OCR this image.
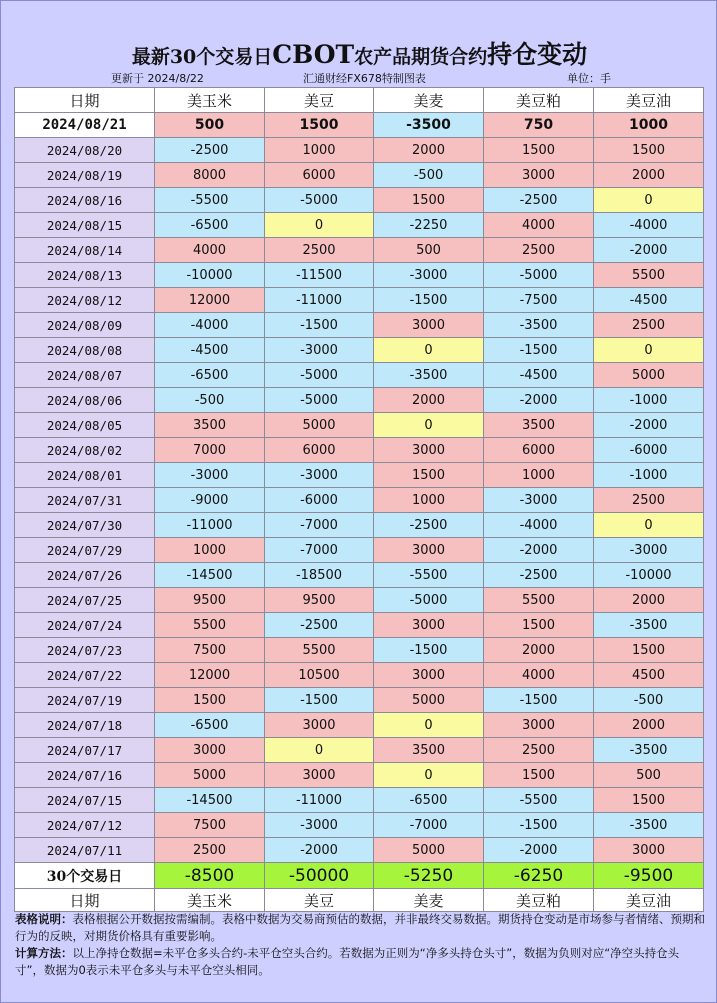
最新30个交易日CBOT农产品期货合约持仓变动
更新于 2024/8/22	汇通财经FX678特制图表	单位：手
日期	美玉米	美豆	美麦	美豆粕	美豆油
2024/08/21	500	1500	-3500	750	1000
2024/08/20	-2500	1000	2000	1500	1500
2024/08/19	8000	6000	-500	3000	2000
2024/08/16	-5500	-5000	1500	-2500	0
2024/08/15	-6500	0	-2250	4000	-4000
2024/08/14	4000	2500	500	2500	-2000
2024/08/13	-10000	-11500	-3000	-5000	5500
2024/08/12	12000	-11000	-1500	-7500	-4500
2024/08/09	-4000	-1500	3000	-3500	2500
2024/08/08	-4500	-3000	0	-1500	0
2024/08/07	-6500	-5000	-3500	-4500	5000
2024/08/06	-500	-5000	2000	-2000	-1000
2024/08/05	3500	5000	0	3500	-2000
2024/08/02	7000	6000	3000	6000	-6000
2024/08/01	-3000	-3000	1500	1000	-1000
2024/07/31	-9000	-6000	1000	-3000	2500
2024/07/30	-11000	-7000	-2500	-4000	0
2024/07/29	1000	-7000	3000	-2000	-3000
2024/07/26	-14500	-18500	-5500	-2500	-10000
2024/07/25	9500	9500	-5000	5500	2000
2024/07/24	5500	-2500	3000	1500	-3500
2024/07/23	7500	5500	-1500	2000	1500
2024/07/22	12000	10500	3000	4000	4500
2024/07/19	1500	-1500	5000	-1500	-500
2024/07/18	-6500	3000	0	3000	2000
2024/07/17	3000	0	3500	2500	-3500
2024/07/16	5000	3000	0	1500	500
2024/07/15	-14500	-11000	-6500	-5500	1500
2024/07/12	7500	-3000	-7000	-1500	-3500
2024/07/11	2500	-2000	5000	-2000	3000
30个交易日	-8500	-50000	-5250	-6250	-9500
日期	美玉米	美豆	美麦	美豆粕	美豆油
表格说明：表格根据公开数据按需编制。表格中数据为交易商预估的数据，并非最终交易数据。期货持仓变动是市场参与者情绪、预期和行为的反映，对期货价格具有重要影响。
计算方法：以上净持仓数据=未平仓多头合约-未平仓空头合约。若数据为正则为“净多头持仓头寸”，数据为负则对应“净空头持仓头寸”，数据为0表示未平仓多头与未平仓空头相同。
